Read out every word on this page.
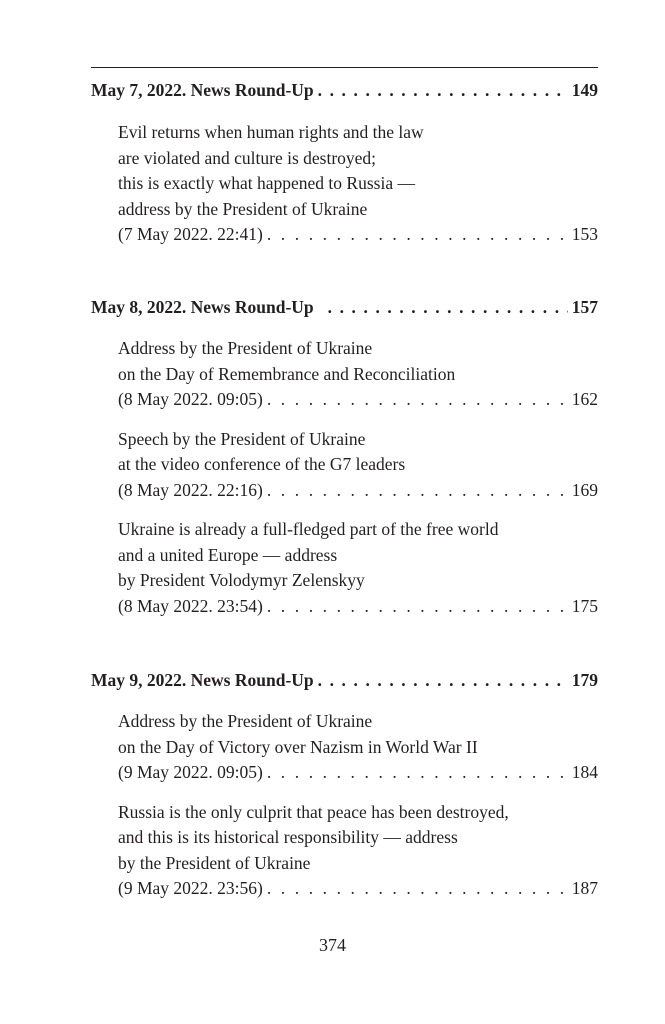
May 7, 2022. News Round-Up . . .	149
Evil returns when human rights and the law
are violated and culture is destroyed;
this is exactly what happened to Russia —
address by the President of Ukraine
(7 May 2022. 22:41) . . .	153
May 8, 2022. News Round-Up . . .	157
Address by the President of Ukraine
on the Day of Remembrance and Reconciliation
(8 May 2022. 09:05) . . .	162
Speech by the President of Ukraine
at the video conference of the G7 leaders
(8 May 2022. 22:16) . . .	169
Ukraine is already a full-fledged part of the free world
and a united Europe — address
by President Volodymyr Zelenskyy
(8 May 2022. 23:54) . . .	175
May 9, 2022. News Round-Up . . .	179
Address by the President of Ukraine
on the Day of Victory over Nazism in World War II
(9 May 2022. 09:05) . . .	184
Russia is the only culprit that peace has been destroyed,
and this is its historical responsibility — address
by the President of Ukraine
(9 May 2022. 23:56) . . .	187
374
